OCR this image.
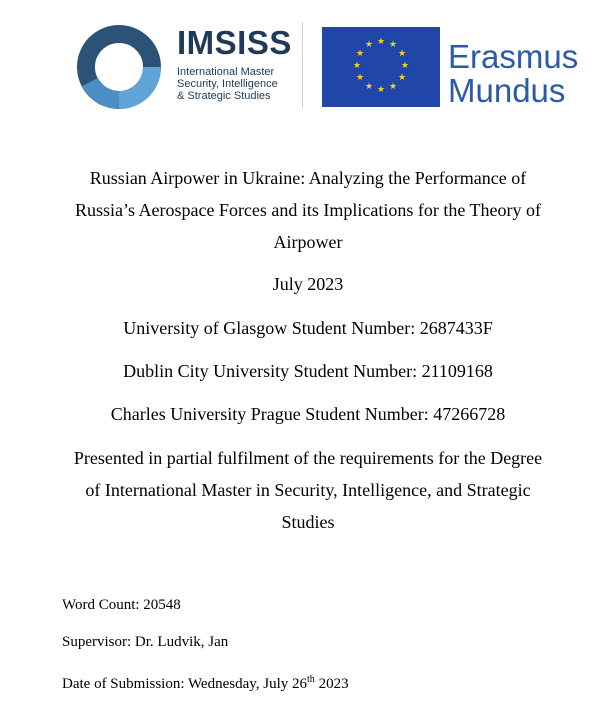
IMSISS
International Master
Security, Intelligence
& Strategic Studies
★ ★
★
★
★
★
★
★
★
★
★
★ Erasmus
Mundus
Russian Airpower in Ukraine: Analyzing the Performance of
Russia’s Aerospace Forces and its Implications for the Theory of
Airpower
July 2023
University of Glasgow Student Number: 2687433F
Dublin City University Student Number: 21109168
Charles University Prague Student Number: 47266728
Presented in partial fulfilment of the requirements for the Degree
of International Master in Security, Intelligence, and Strategic
Studies
Word Count: 20548
Supervisor: Dr. Ludvik, Jan
Date of Submission: Wednesday, July 26th 2023
